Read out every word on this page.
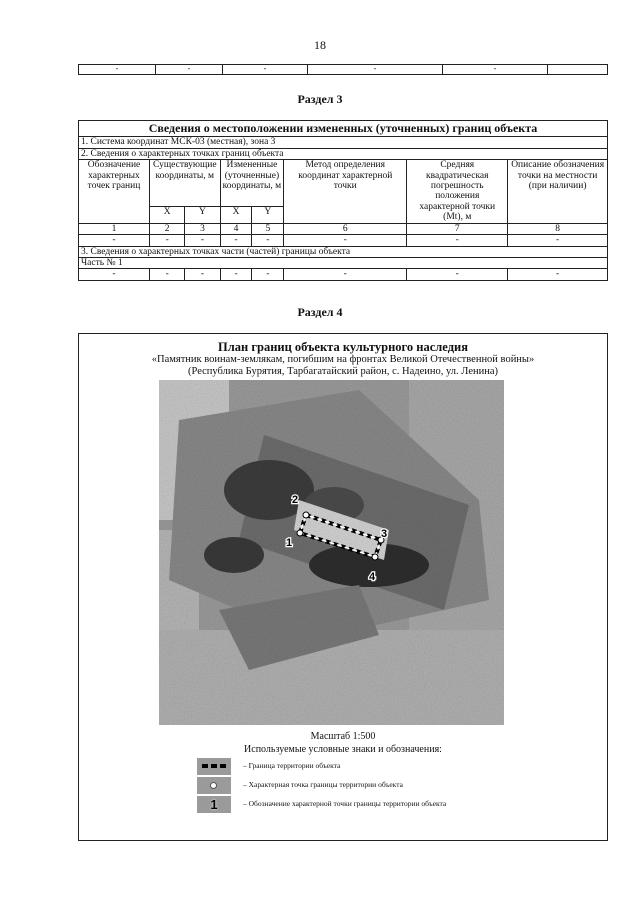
18
-	-	-	-	-	
Раздел 3
Сведения о местоположении измененных (уточненных) границ объекта							
1. Система координат МСК-03 (местная), зона 3							
2. Сведения о характерных точках границ объекта							
Обозначение характерных точек границ	Существующие координаты, м		Измененные (уточненные) координаты, м		Метод определения координат характерной точки	Средняя квадратическая погрешность положения характерной точки (Mt), м	Описание обозначения точки на местности (при наличии)
	X	Y	X	Y			
1	2	3	4	5	6	7	8
-	-	-	-	-	-	-	-
3. Сведения о характерных точках части (частей) границы объекта							
Часть № 1							
-	-	-	-	-	-	-	-
Раздел 4
План границ объекта культурного наследия
«Памятник воинам-землякам, погибшим на фронтах Великой Отечественной войны»
(Республика Бурятия, Тарбагатайский район, с. Надеино, ул. Ленина)
1
2
3
4
Масштаб 1:500
Используемые условные знаки и обозначения:
– Граница территории объекта
– Характерная точка границы территории объекта
1	– Обозначение характерной точки границы территории объекта
